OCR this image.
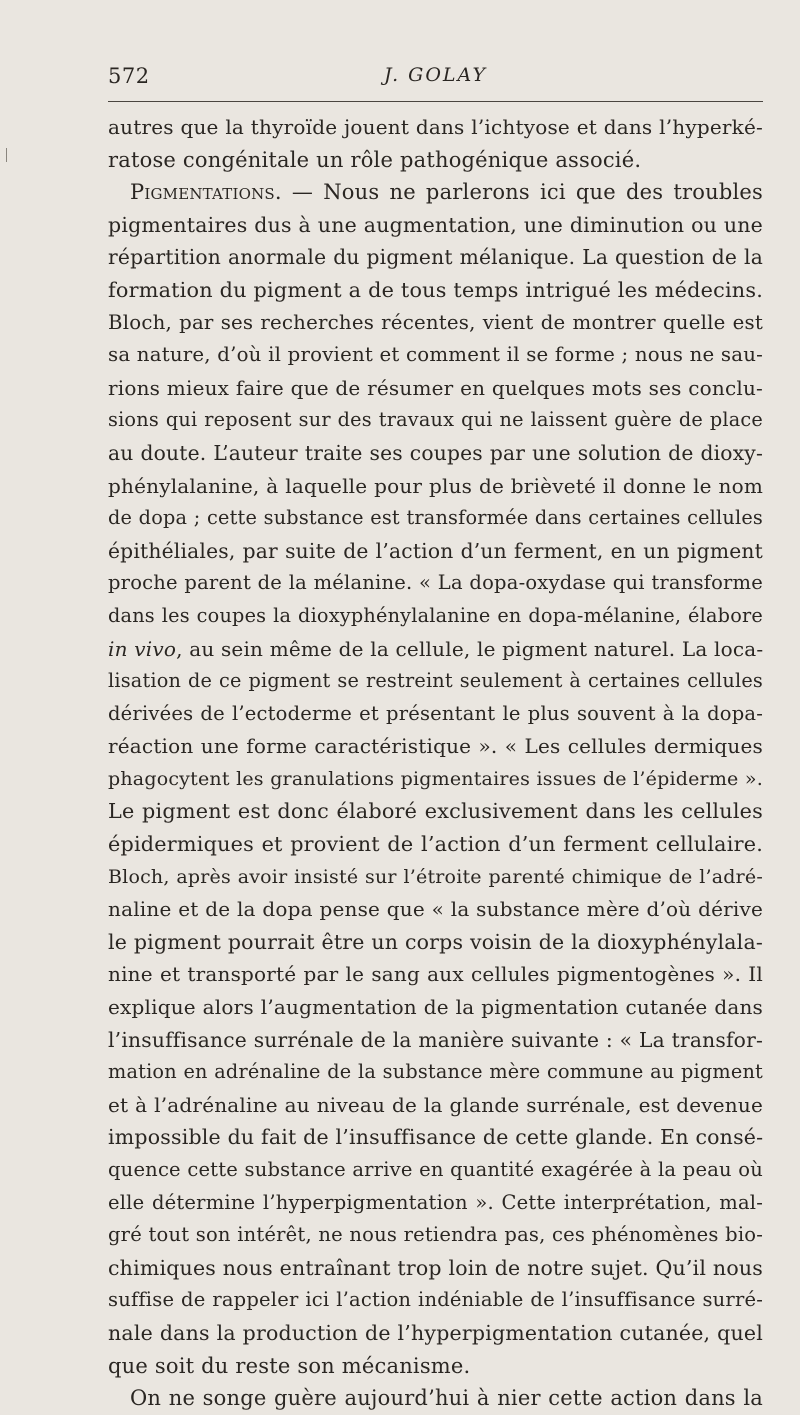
572	J. GOLAY
autres que la thyroïde jouent dans l’ichtyose et dans l’hyperké-
ratose congénitale un rôle pathogénique associé.
Pigmentations. — Nous ne parlerons ici que des troubles
pigmentaires dus à une augmentation, une diminution ou une
répartition anormale du pigment mélanique. La question de la
formation du pigment a de tous temps intrigué les médecins.
Bloch, par ses recherches récentes, vient de montrer quelle est
sa nature, d’où il provient et comment il se forme ; nous ne sau-
rions mieux faire que de résumer en quelques mots ses conclu-
sions qui reposent sur des travaux qui ne laissent guère de place
au doute. L’auteur traite ses coupes par une solution de dioxy-
phénylalanine, à laquelle pour plus de brièveté il donne le nom
de dopa ; cette substance est transformée dans certaines cellules
épithéliales, par suite de l’action d’un ferment, en un pigment
proche parent de la mélanine. « La dopa-oxydase qui transforme
dans les coupes la dioxyphénylalanine en dopa-mélanine, élabore
in vivo, au sein même de la cellule, le pigment naturel. La loca-
lisation de ce pigment se restreint seulement à certaines cellules
dérivées de l’ectoderme et présentant le plus souvent à la dopa-
réaction une forme caractéristique ». « Les cellules dermiques
phagocytent les granulations pigmentaires issues de l’épiderme ».
Le pigment est donc élaboré exclusivement dans les cellules
épidermiques et provient de l’action d’un ferment cellulaire.
Bloch, après avoir insisté sur l’étroite parenté chimique de l’adré-
naline et de la dopa pense que « la substance mère d’où dérive
le pigment pourrait être un corps voisin de la dioxyphénylala-
nine et transporté par le sang aux cellules pigmentogènes ». Il
explique alors l’augmentation de la pigmentation cutanée dans
l’insuffisance surrénale de la manière suivante : « La transfor-
mation en adrénaline de la substance mère commune au pigment
et à l’adrénaline au niveau de la glande surrénale, est devenue
impossible du fait de l’insuffisance de cette glande. En consé-
quence cette substance arrive en quantité exagérée à la peau où
elle détermine l’hyperpigmentation ». Cette interprétation, mal-
gré tout son intérêt, ne nous retiendra pas, ces phénomènes bio-
chimiques nous entraînant trop loin de notre sujet. Qu’il nous
suffise de rappeler ici l’action indéniable de l’insuffisance surré-
nale dans la production de l’hyperpigmentation cutanée, quel
que soit du reste son mécanisme.
On ne songe guère aujourd’hui à nier cette action dans la
